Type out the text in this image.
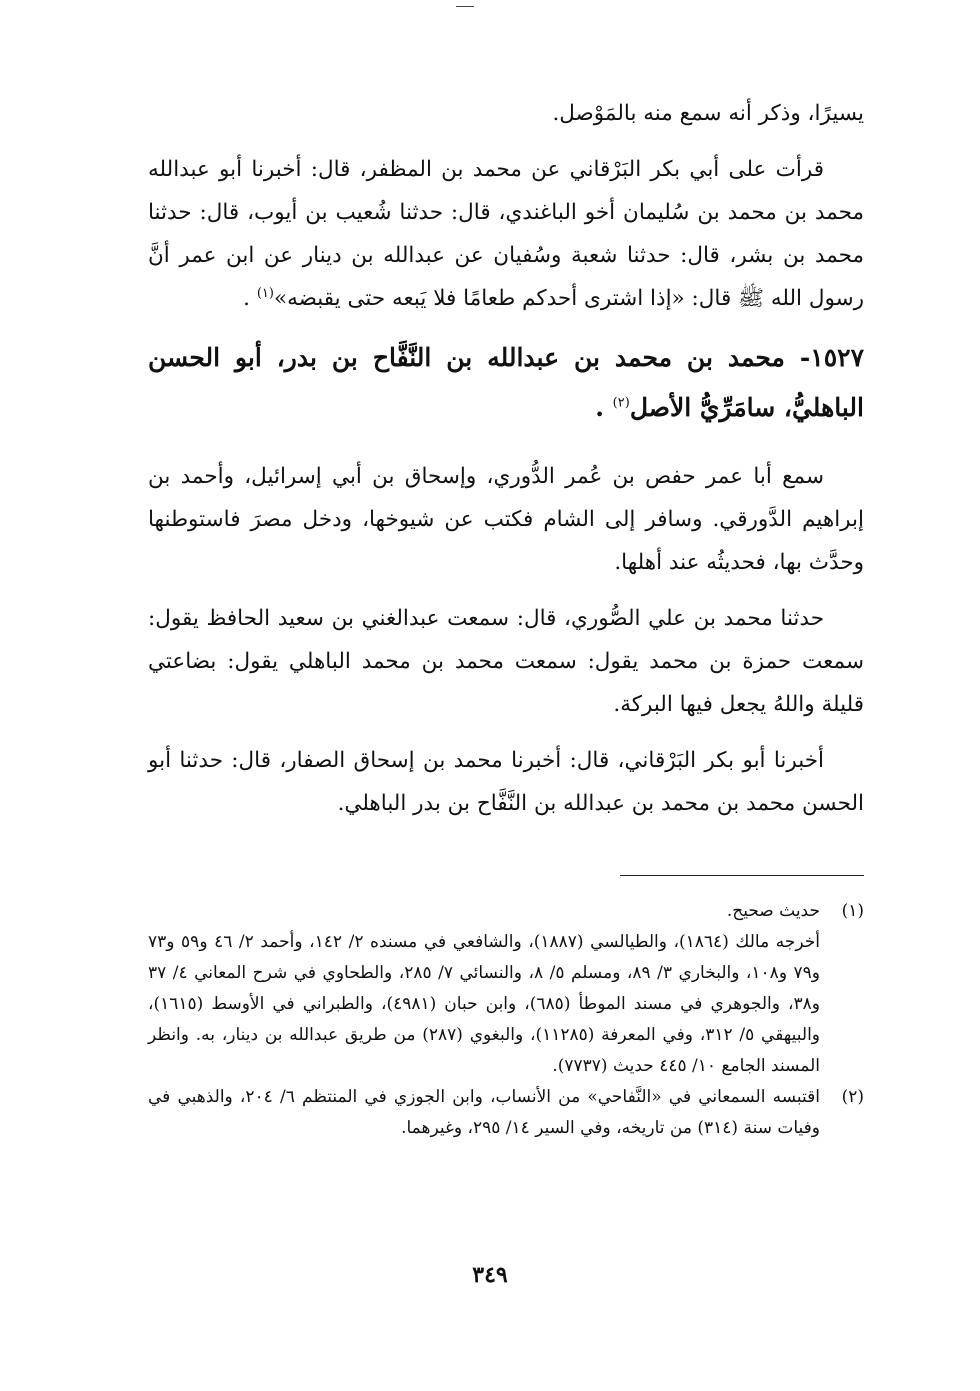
يسيرًا، وذكر أنه سمع منه بالمَوْصل.

قرأت على أبي بكر البَرْقاني عن محمد بن المظفر، قال: أخبرنا أبو عبدالله محمد بن محمد بن سُليمان أخو الباغندي، قال: حدثنا شُعيب بن أيوب، قال: حدثنا محمد بن بشر، قال: حدثنا شعبة وسُفيان عن عبدالله بن دينار عن ابن عمر أنَّ رسول الله ﷺ قال: «إذا اشترى أحدكم طعامًا فلا يَبعه حتى يقبضه»$^{(١)}$ .

١٥٢٧- محمد بن محمد بن عبدالله بن النَّفَّاح بن بدر، أبو الحسن الباهليُّ، سامَرِّيُّ الأصل$^{(٢)}$ .

سمع أبا عمر حفص بن عُمر الدُّوري، وإسحاق بن أبي إسرائيل، وأحمد بن إبراهيم الدَّورقي. وسافر إلى الشام فكتب عن شيوخها، ودخل مصرَ فاستوطنها وحدَّث بها، فحديثُه عند أهلها.

حدثنا محمد بن علي الصُّوري، قال: سمعت عبدالغني بن سعيد الحافظ يقول: سمعت حمزة بن محمد يقول: سمعت محمد بن محمد الباهلي يقول: بضاعتي قليلة واللهُ يجعل فيها البركة.

أخبرنا أبو بكر البَرْقاني، قال: أخبرنا محمد بن إسحاق الصفار، قال: حدثنا أبو الحسن محمد بن محمد بن عبدالله بن النَّفَّاح بن بدر الباهلي.

(١)
حديث صحيح.
أخرجه مالك (١٨٦٤)، والطيالسي (١٨٨٧)، والشافعي في مسنده ٢/ ١٤٢، وأحمد ٢/ ٤٦ و٥٩ و٧٣ و٧٩ و١٠٨، والبخاري ٣/ ٨٩، ومسلم ٥/ ٨، والنسائي ٧/ ٢٨٥، والطحاوي في شرح المعاني ٤/ ٣٧ و٣٨، والجوهري في مسند الموطأ (٦٨٥)، وابن حبان (٤٩٨١)، والطبراني في الأوسط (١٦١٥)، والبيهقي ٥/ ٣١٢، وفي المعرفة (١١٢٨٥)، والبغوي (٢٨٧) من طريق عبدالله بن دينار، به. وانظر المسند الجامع ١٠/ ٤٤٥ حديث (٧٧٣٧).
(٢)
اقتبسه السمعاني في «النَّفاحي» من الأنساب، وابن الجوزي في المنتظم ٦/ ٢٠٤، والذهبي في وفيات سنة (٣١٤) من تاريخه، وفي السير ١٤/ ٢٩٥، وغيرهما.
٣٤٩
